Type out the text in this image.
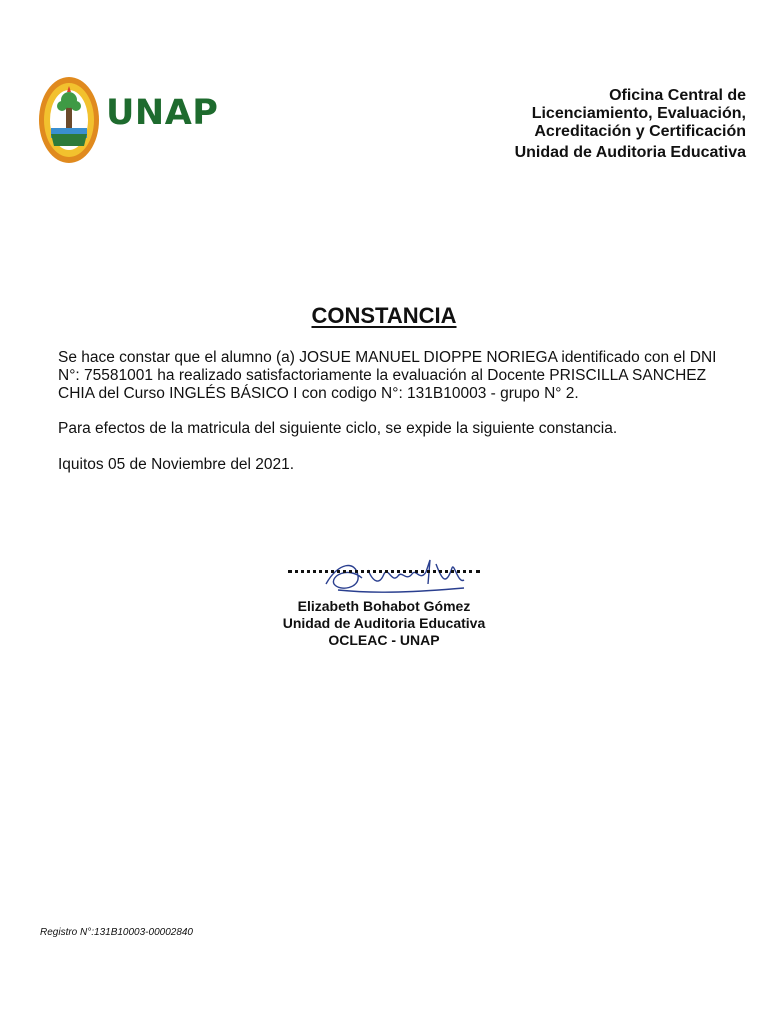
UNAP	Oficina Central de
Licenciamiento, Evaluación,
Acreditación y Certificación
Unidad de Auditoria Educativa
CONSTANCIA
Se hace constar que el alumno (a) JOSUE MANUEL DIOPPE NORIEGA identificado con el DNI N°: 75581001 ha realizado satisfactoriamente la evaluación al Docente PRISCILLA SANCHEZ CHIA del Curso INGLÉS BÁSICO I con codigo N°: 131B10003 - grupo N° 2.
Para efectos de la matricula del siguiente ciclo, se expide la siguiente constancia.
Iquitos 05 de Noviembre del 2021.
Elizabeth Bohabot Gómez
Unidad de Auditoria Educativa
OCLEAC - UNAP
Registro N°:131B10003-00002840
